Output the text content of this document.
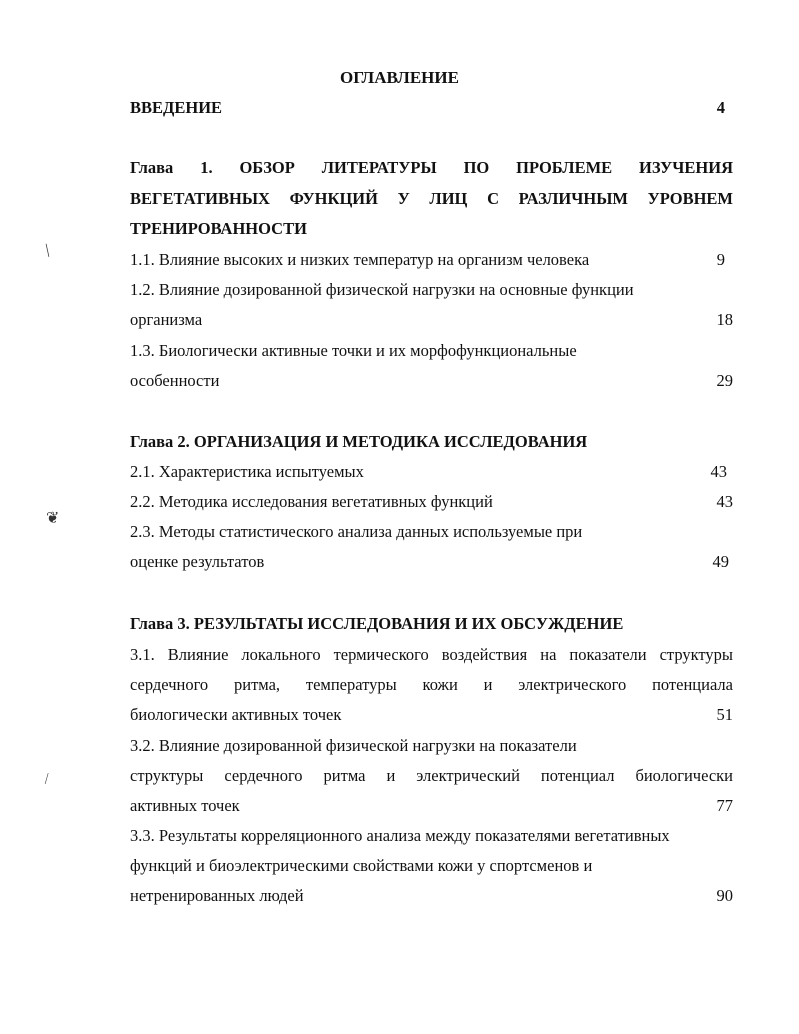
ОГЛАВЛЕНИЕ
ВВЕДЕНИЕ	4
Глава 1. ОБЗОР ЛИТЕРАТУРЫ ПО ПРОБЛЕМЕ ИЗУЧЕНИЯ
ВЕГЕТАТИВНЫХ ФУНКЦИЙ У ЛИЦ С РАЗЛИЧНЫМ УРОВНЕМ
ТРЕНИРОВАННОСТИ
1.1. Влияние высоких и низких температур на организм человека	9
1.2. Влияние дозированной физической нагрузки на основные функции
организма	18
1.3. Биологически активные точки и их морфофункциональные
особенности	29
Глава 2. ОРГАНИЗАЦИЯ И МЕТОДИКА ИССЛЕДОВАНИЯ
2.1. Характеристика испытуемых	43
2.2. Методика исследования вегетативных функций	43
2.3. Методы статистического анализа данных используемые при
оценке результатов	49
Глава 3. РЕЗУЛЬТАТЫ ИССЛЕДОВАНИЯ И ИХ ОБСУЖДЕНИЕ
3.1. Влияние локального термического воздействия на показатели структуры
сердечного ритма, температуры кожи и электрического потенциала
биологически активных точек	51
3.2. Влияние дозированной физической нагрузки на показатели
структуры сердечного ритма и электрический потенциал биологически
активных точек	77
3.3. Результаты корреляционного анализа между показателями вегетативных
функций и биоэлектрическими свойствами кожи у спортсменов и
нетренированных людей	90
⧸
❦
∕
